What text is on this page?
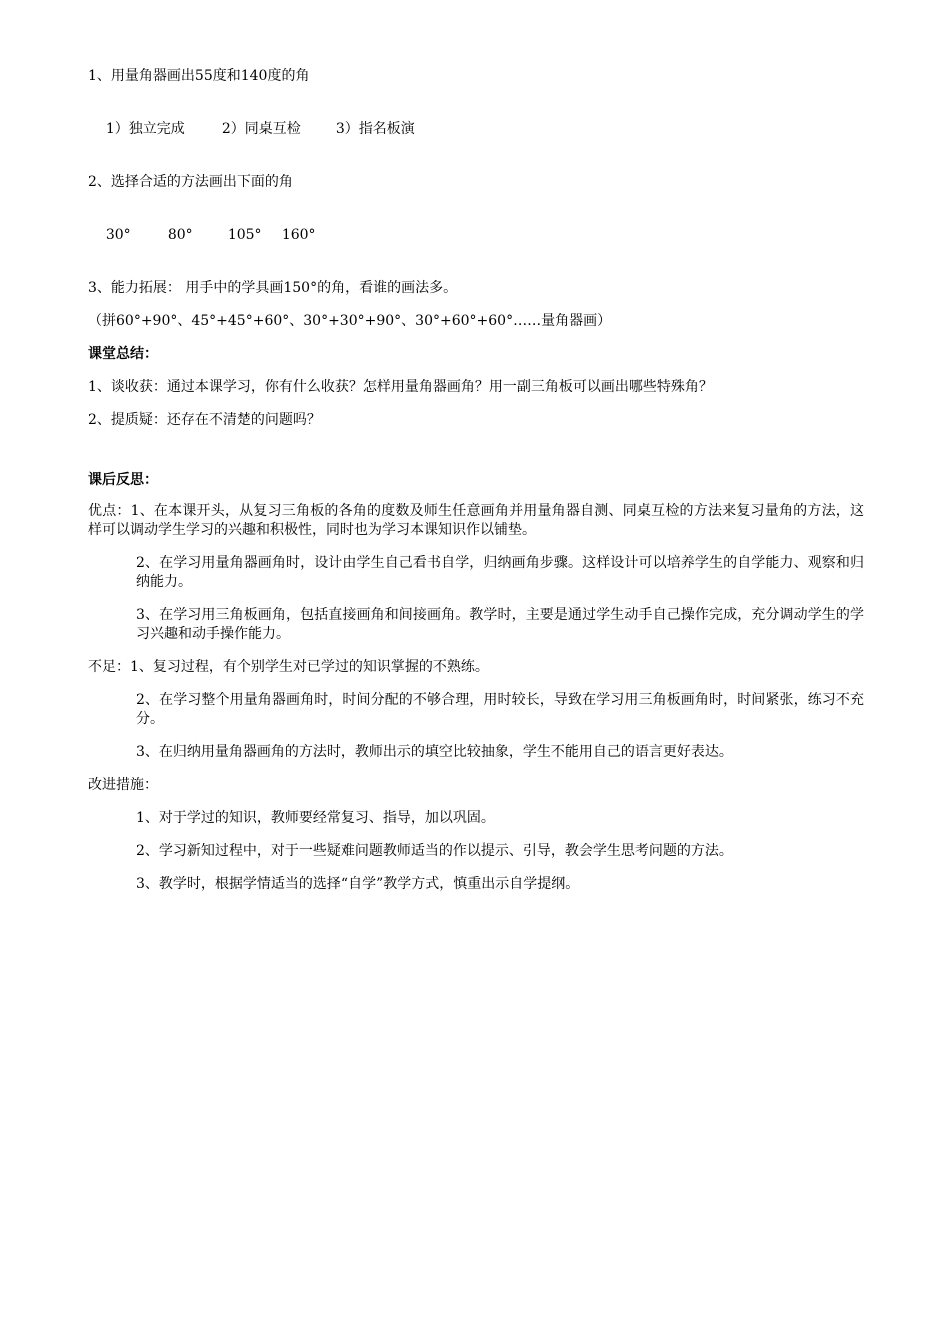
1、用量角器画出55度和140度的角

1）独立完成	2）同桌互检	3）指名板演

2、选择合适的方法画出下面的角

30°	80°	105° 160°

3、能力拓展： 用手中的学具画150°的角，看谁的画法多。
（拼60°+90°、45°+45°+60°、30°+30°+90°、30°+60°+60°……量角器画）
课堂总结：
1、谈收获：通过本课学习，你有什么收获？怎样用量角器画角？用一副三角板可以画出哪些特殊角？
2、提质疑：还存在不清楚的问题吗？
课后反思：
优点：1、在本课开头，从复习三角板的各角的度数及师生任意画角并用量角器自测、同桌互检的方法来复习量角的方法，这样可以调动学生学习的兴趣和积极性，同时也为学习本课知识作以铺垫。
2、在学习用量角器画角时，设计由学生自己看书自学，归纳画角步骤。这样设计可以培养学生的自学能力、观察和归纳能力。
3、在学习用三角板画角，包括直接画角和间接画角。教学时，主要是通过学生动手自己操作完成，充分调动学生的学习兴趣和动手操作能力。
不足：1、复习过程，有个别学生对已学过的知识掌握的不熟练。
2、在学习整个用量角器画角时，时间分配的不够合理，用时较长，导致在学习用三角板画角时，时间紧张，练习不充分。
3、在归纳用量角器画角的方法时，教师出示的填空比较抽象，学生不能用自己的语言更好表达。
改进措施：
1、对于学过的知识，教师要经常复习、指导，加以巩固。
2、学习新知过程中，对于一些疑难问题教师适当的作以提示、引导，教会学生思考问题的方法。
3、教学时，根据学情适当的选择“自学”教学方式，慎重出示自学提纲。
